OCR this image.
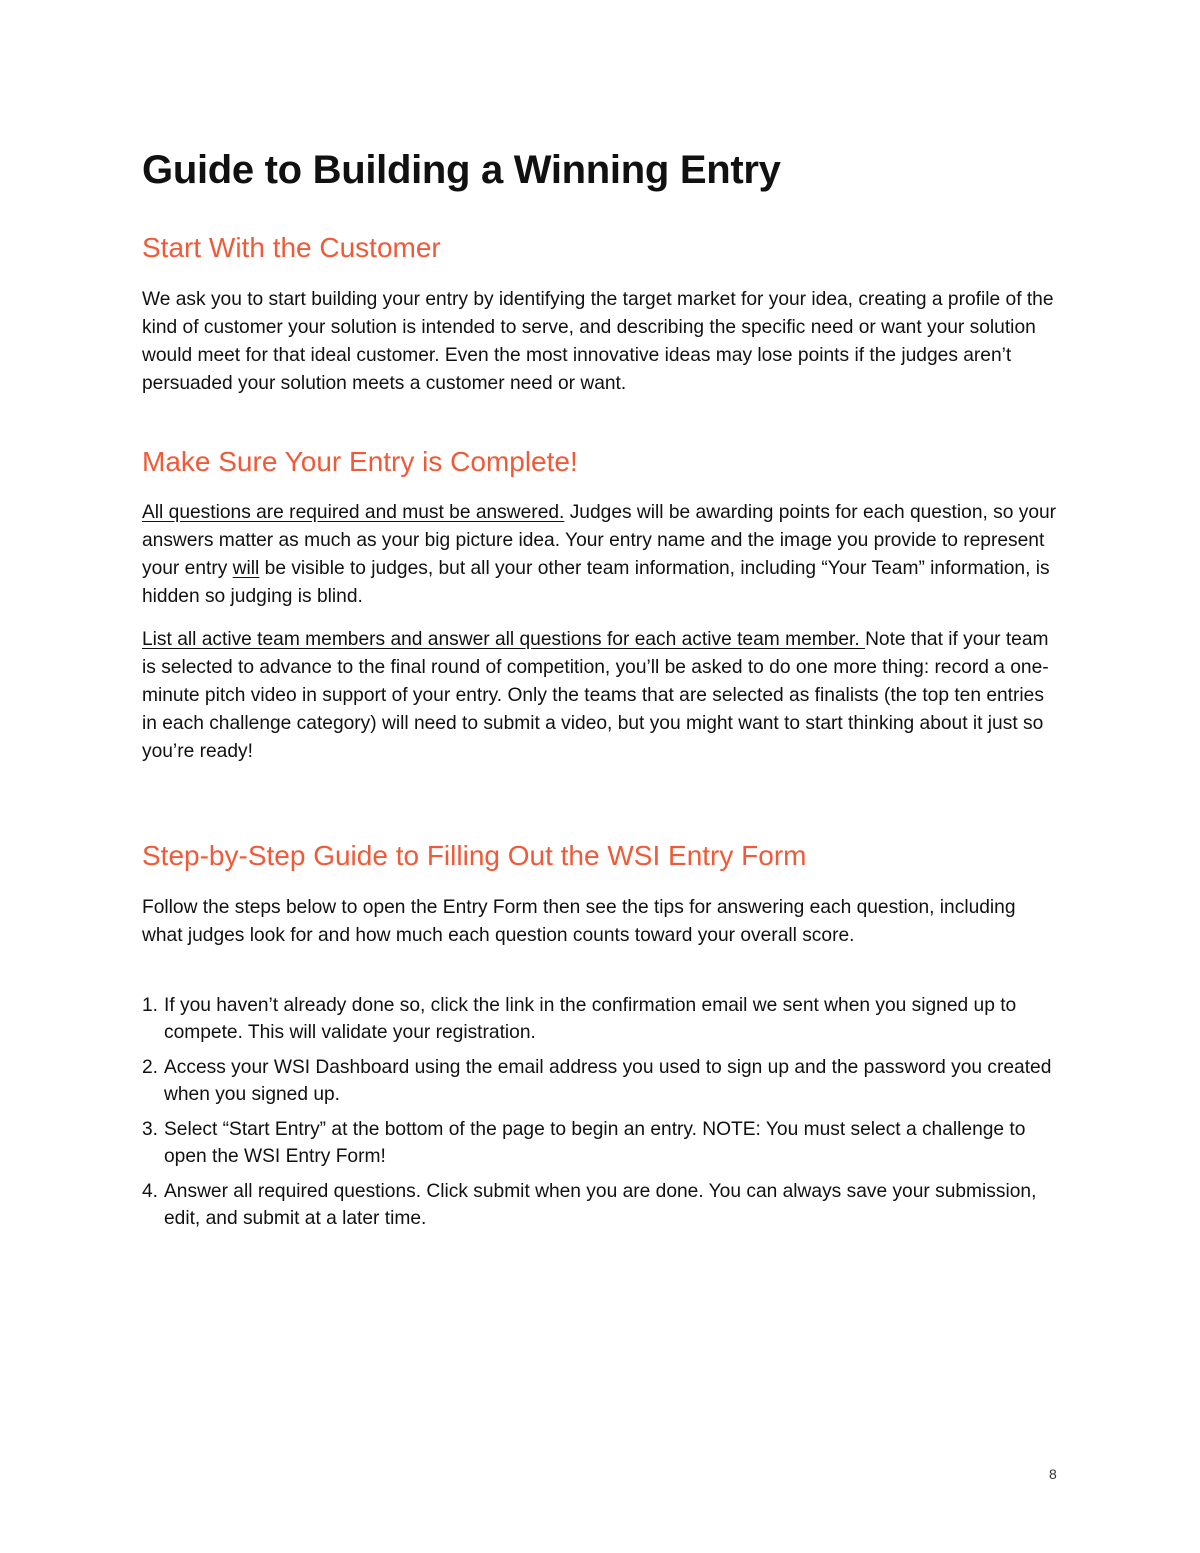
Guide to Building a Winning Entry
Start With the Customer

We ask you to start building your entry by identifying the target market for your idea, creating a profile of the kind of customer your solution is intended to serve, and describing the specific need or want your solution would meet for that ideal customer. Even the most innovative ideas may lose points if the judges aren’t persuaded your solution meets a customer need or want.

Make Sure Your Entry is Complete!

All questions are required and must be answered. Judges will be awarding points for each question, so your answers matter as much as your big picture idea. Your entry name and the image you provide to represent your entry will be visible to judges, but all your other team information, including “Your Team” information, is hidden so judging is blind.

List all active team members and answer all questions for each active team member. Note that if your team is selected to advance to the final round of competition, you’ll be asked to do one more thing: record a one-minute pitch video in support of your entry. Only the teams that are selected as finalists (the top ten entries in each challenge category) will need to submit a video, but you might want to start thinking about it just so you’re ready!

Step-by-Step Guide to Filling Out the WSI Entry Form

Follow the steps below to open the Entry Form then see the tips for answering each question, including what judges look for and how much each question counts toward your overall score.

1. If you haven’t already done so, click the link in the confirmation email we sent when you signed up to compete. This will validate your registration.
2. Access your WSI Dashboard using the email address you used to sign up and the password you created when you signed up.
3. Select “Start Entry” at the bottom of the page to begin an entry. NOTE: You must select a challenge to open the WSI Entry Form!
4. Answer all required questions. Click submit when you are done. You can always save your submission, edit, and submit at a later time.
8
